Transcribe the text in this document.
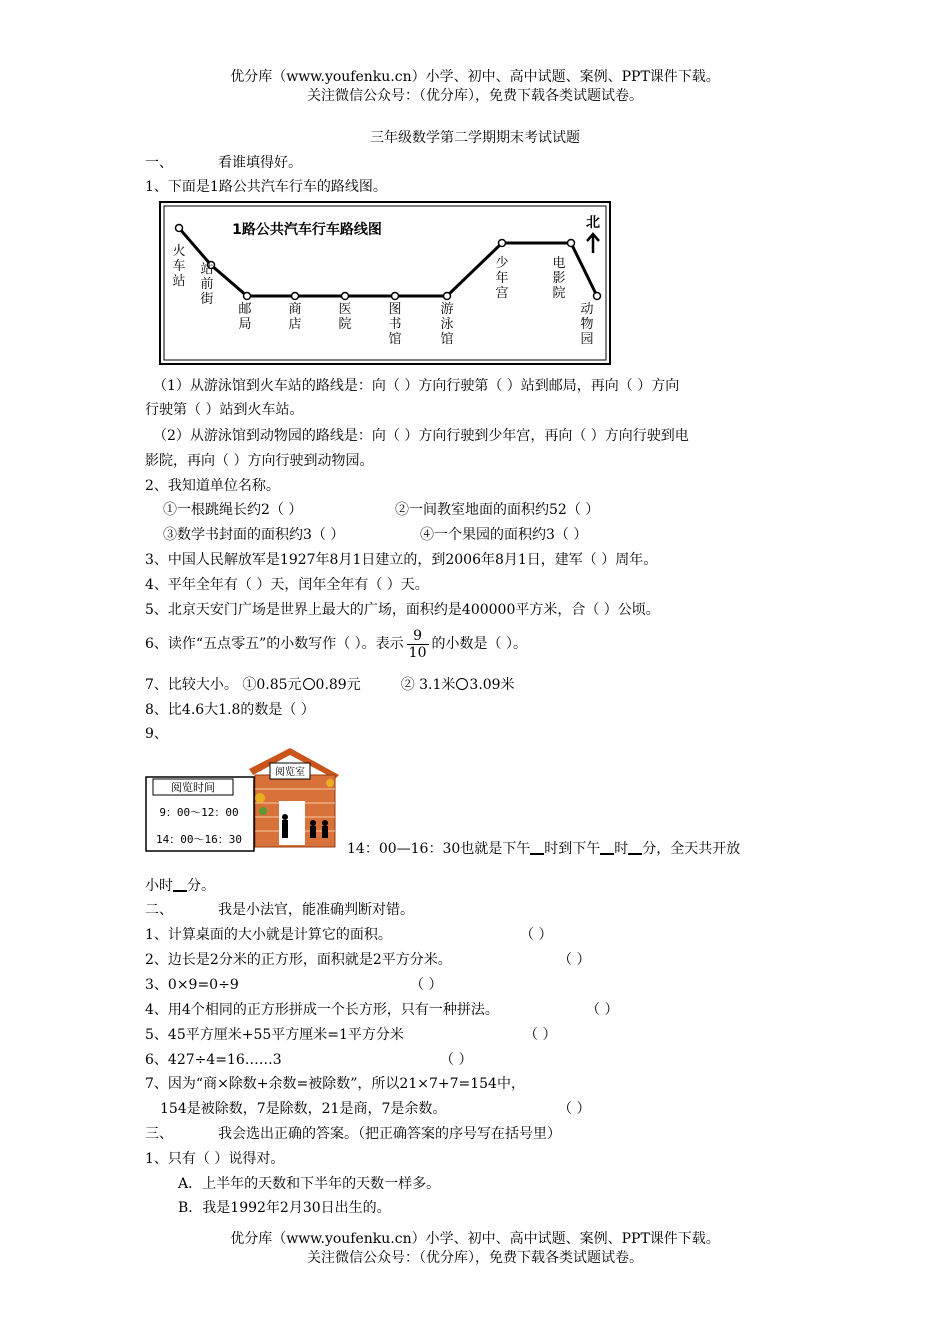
优分库（www.youfenku.cn）小学、初中、高中试题、案例、PPT课件下载。
关注微信公众号：（优分库），免费下载各类试题试卷。
三年级数学第二学期期末考试试题
一、	看谁填得好。
1、下面是1路公共汽车行车的路线图。
1路公共汽车行车路线图	北
火车站
站前街
邮局
商店
医院
图书馆
游泳馆
少年宫
电影院
动物园
（1）从游泳馆到火车站的路线是：向（ ）方向行驶第（ ）站到邮局，再向（ ）方向
行驶第（ ）站到火车站。
（2）从游泳馆到动物园的路线是：向（ ）方向行驶到少年宫，再向（ ）方向行驶到电
影院，再向（ ）方向行驶到动物园。
2、我知道单位名称。
①一根跳绳长约2（ ）	②一间教室地面的面积约52（ ）
③数学书封面的面积约3（ ）	④一个果园的面积约3（ ）
3、中国人民解放军是1927年8月1日建立的，到2006年8月1日，建军（ ）周年。
4、平年全年有（ ）天，闰年全年有（ ）天。
5、北京天安门广场是世界上最大的广场，面积约是400000平方米，合（ ）公顷。
6、读作“五点零五”的小数写作（ ）。表示 $\frac{9}{10}$ 的小数是（ ）。
7、比较大小。 ①0.85元 0.89元	② 3.1米 3.09米
8、比4.6大1.8的数是（ ）
9、
阅览室
阅览时间
9：00～12：00
14：00～16：30
14：00—16：30也就是下午 时到下午 时 分，全天共开放
小时 分。
二、	我是小法官，能准确判断对错。
1、计算桌面的大小就是计算它的面积。	（ ）
2、边长是2分米的正方形，面积就是2平方分米。	（ ）
3、0×9=0÷9	（ ）
4、用4个相同的正方形拼成一个长方形，只有一种拼法。	（ ）
5、45平方厘米+55平方厘米=1平方分米	（ ）
6、427÷4=16……3	（ ）
7、因为“商×除数+余数=被除数”，所以21×7+7=154中，
154是被除数，7是除数，21是商，7是余数。	（ ）
三、	我会选出正确的答案。（把正确答案的序号写在括号里）
1、只有（ ）说得对。
A．上半年的天数和下半年的天数一样多。
B．我是1992年2月30日出生的。
优分库（www.youfenku.cn）小学、初中、高中试题、案例、PPT课件下载。
关注微信公众号：（优分库），免费下载各类试题试卷。
